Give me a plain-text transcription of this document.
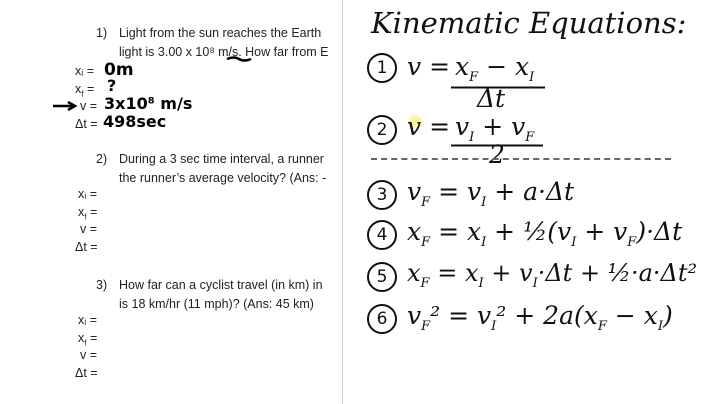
1) Light from the sun reaches the Earth
light is 3.00 x 10⁸ m/s. How far from E
xᵢ =
$x_f$ =
v =
Δt =
0m
?
3x10⁸ m/s
498sec
2) During a 3 sec time interval, a runner
the runner’s average velocity? (Ans: -
xᵢ =
$x_f$ =
v =
Δt =
3) How far can a cyclist travel (in km) in
is 18 km/hr (11 mph)? (Ans: 45 km)
xᵢ =
$x_f$ =
v =
Δt =
Kinematic Equations:
1 $v = x_F - x_I$
Δt
2 $v = v_I + v_F$
2
3 $v_F = v_I + a\cdot\Delta t$
4 $x_F = x_I$ + $\frac{1}{2}(v_I + v_F)\cdot\Delta t$
5 $x_F = x_I + v_I\cdot\Delta t$ + ½·a·Δt²
6 $v_F^2 = v_I^2 + 2a(x_F - x_I)$
